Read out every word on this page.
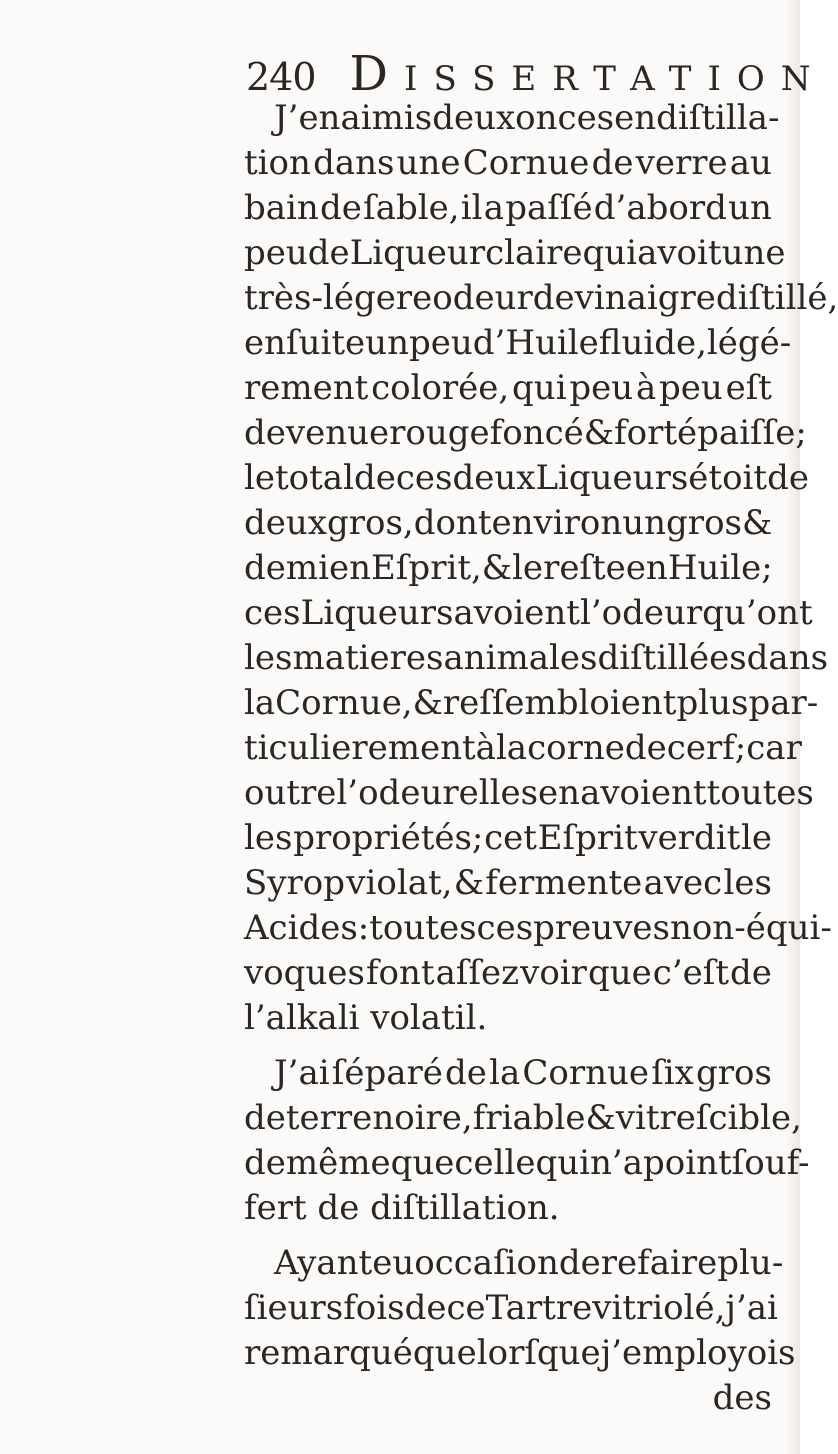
240 Dissertation
J’en ai mis deux onces en diſtilla-
tion dans une Cornue de verre au
bain de ſable, il a paſſé d’abord un
peu de Liqueur claire qui avoit une
très-légere odeur de vinaigre diſtillé,
enſuite un peu d’Huile fluide, légé-
rement colorée, qui peu à peu eſt
devenue rouge foncé & fort épaiſſe;
le total de ces deux Liqueurs étoit de
deux gros, dont environ un gros &
demi en Eſprit, & le reſte en Huile;
ces Liqueurs avoient l’odeur qu’ont
les matieres animales diſtillées dans
la Cornue, & reſſembloient plus par-
ticulierement à la corne de cerf; car
outre l’odeur elles en avoient toutes
les propriétés; cet Eſprit verdit le
Syrop violat, & fermente avec les
Acides: toutes ces preuves non-équi-
voques font aſſez voir que c’eſt de
l’alkali volatil.
J’ai ſéparé de la Cornue ſix gros
de terre noire, friable & vitreſcible,
de même que celle qui n’a point ſouf-
fert de diſtillation.
Ayant eu occaſion de refaire plu-
ſieurs fois de ce Tartre vitriolé, j’ai
remarqué que lorſque j’employois
des
